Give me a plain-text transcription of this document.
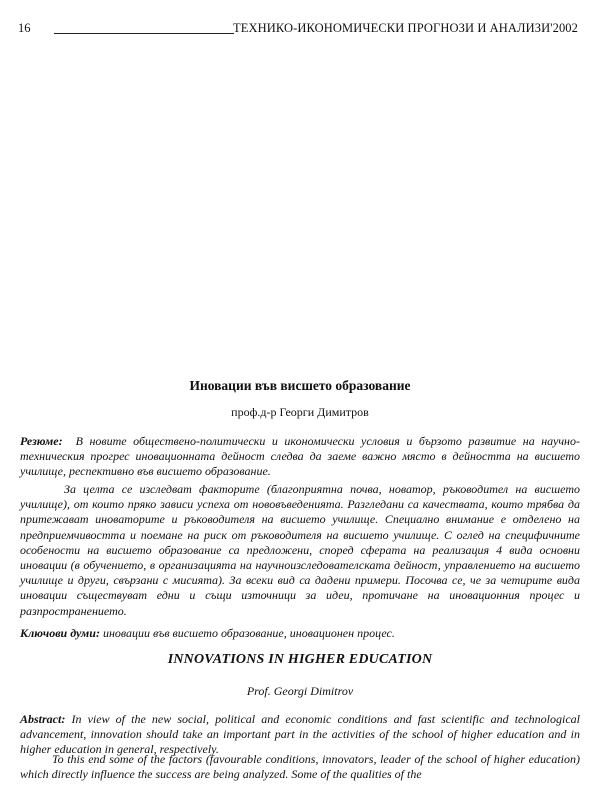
16	ТЕХНИКО-ИКОНОМИЧЕСКИ ПРОГНОЗИ И АНАЛИЗИ'2002
Иновации във висшето образование
проф.д-р Георги Димитров
Резюме: В новите обществено-политически и икономически условия и бързото развитие на научно-техническия прогрес иновационната дейност следва да заеме важно място в дейността на висшето училище, респективно във висшето образование.
За целта се изследват факторите (благоприятна почва, новатор, ръководител на висшето училище), от които пряко зависи успеха от нововъведенията. Разгледани са качествата, които трябва да притежават иноваторите и ръководителя на висшето училище. Специално внимание е отделено на предприемчивостта и поемане на риск от ръководителя на висшето училище. С оглед на специфичните особености на висшето образование са предложени, според сферата на реализация 4 вида основни иновации (в обучението, в организацията на научноизследователската дейност, управлението на висшето училище и други, свързани с мисията). За всеки вид са дадени примери. Посочва се, че за четирите вида иновации съществуват едни и същи източници за идеи, протичане на иновационния процес и разпространението.
Ключови думи: иновации във висшето образование, иновационен процес.
INNOVATIONS IN HIGHER EDUCATION
Prof. Georgi Dimitrov
Abstract: In view of the new social, political and economic conditions and fast scientific and technological advancement, innovation should take an important part in the activities of the school of higher education and in higher education in general, respectively.
To this end some of the factors (favourable conditions, innovators, leader of the school of higher education) which directly influence the success are being analyzed. Some of the qualities of the
